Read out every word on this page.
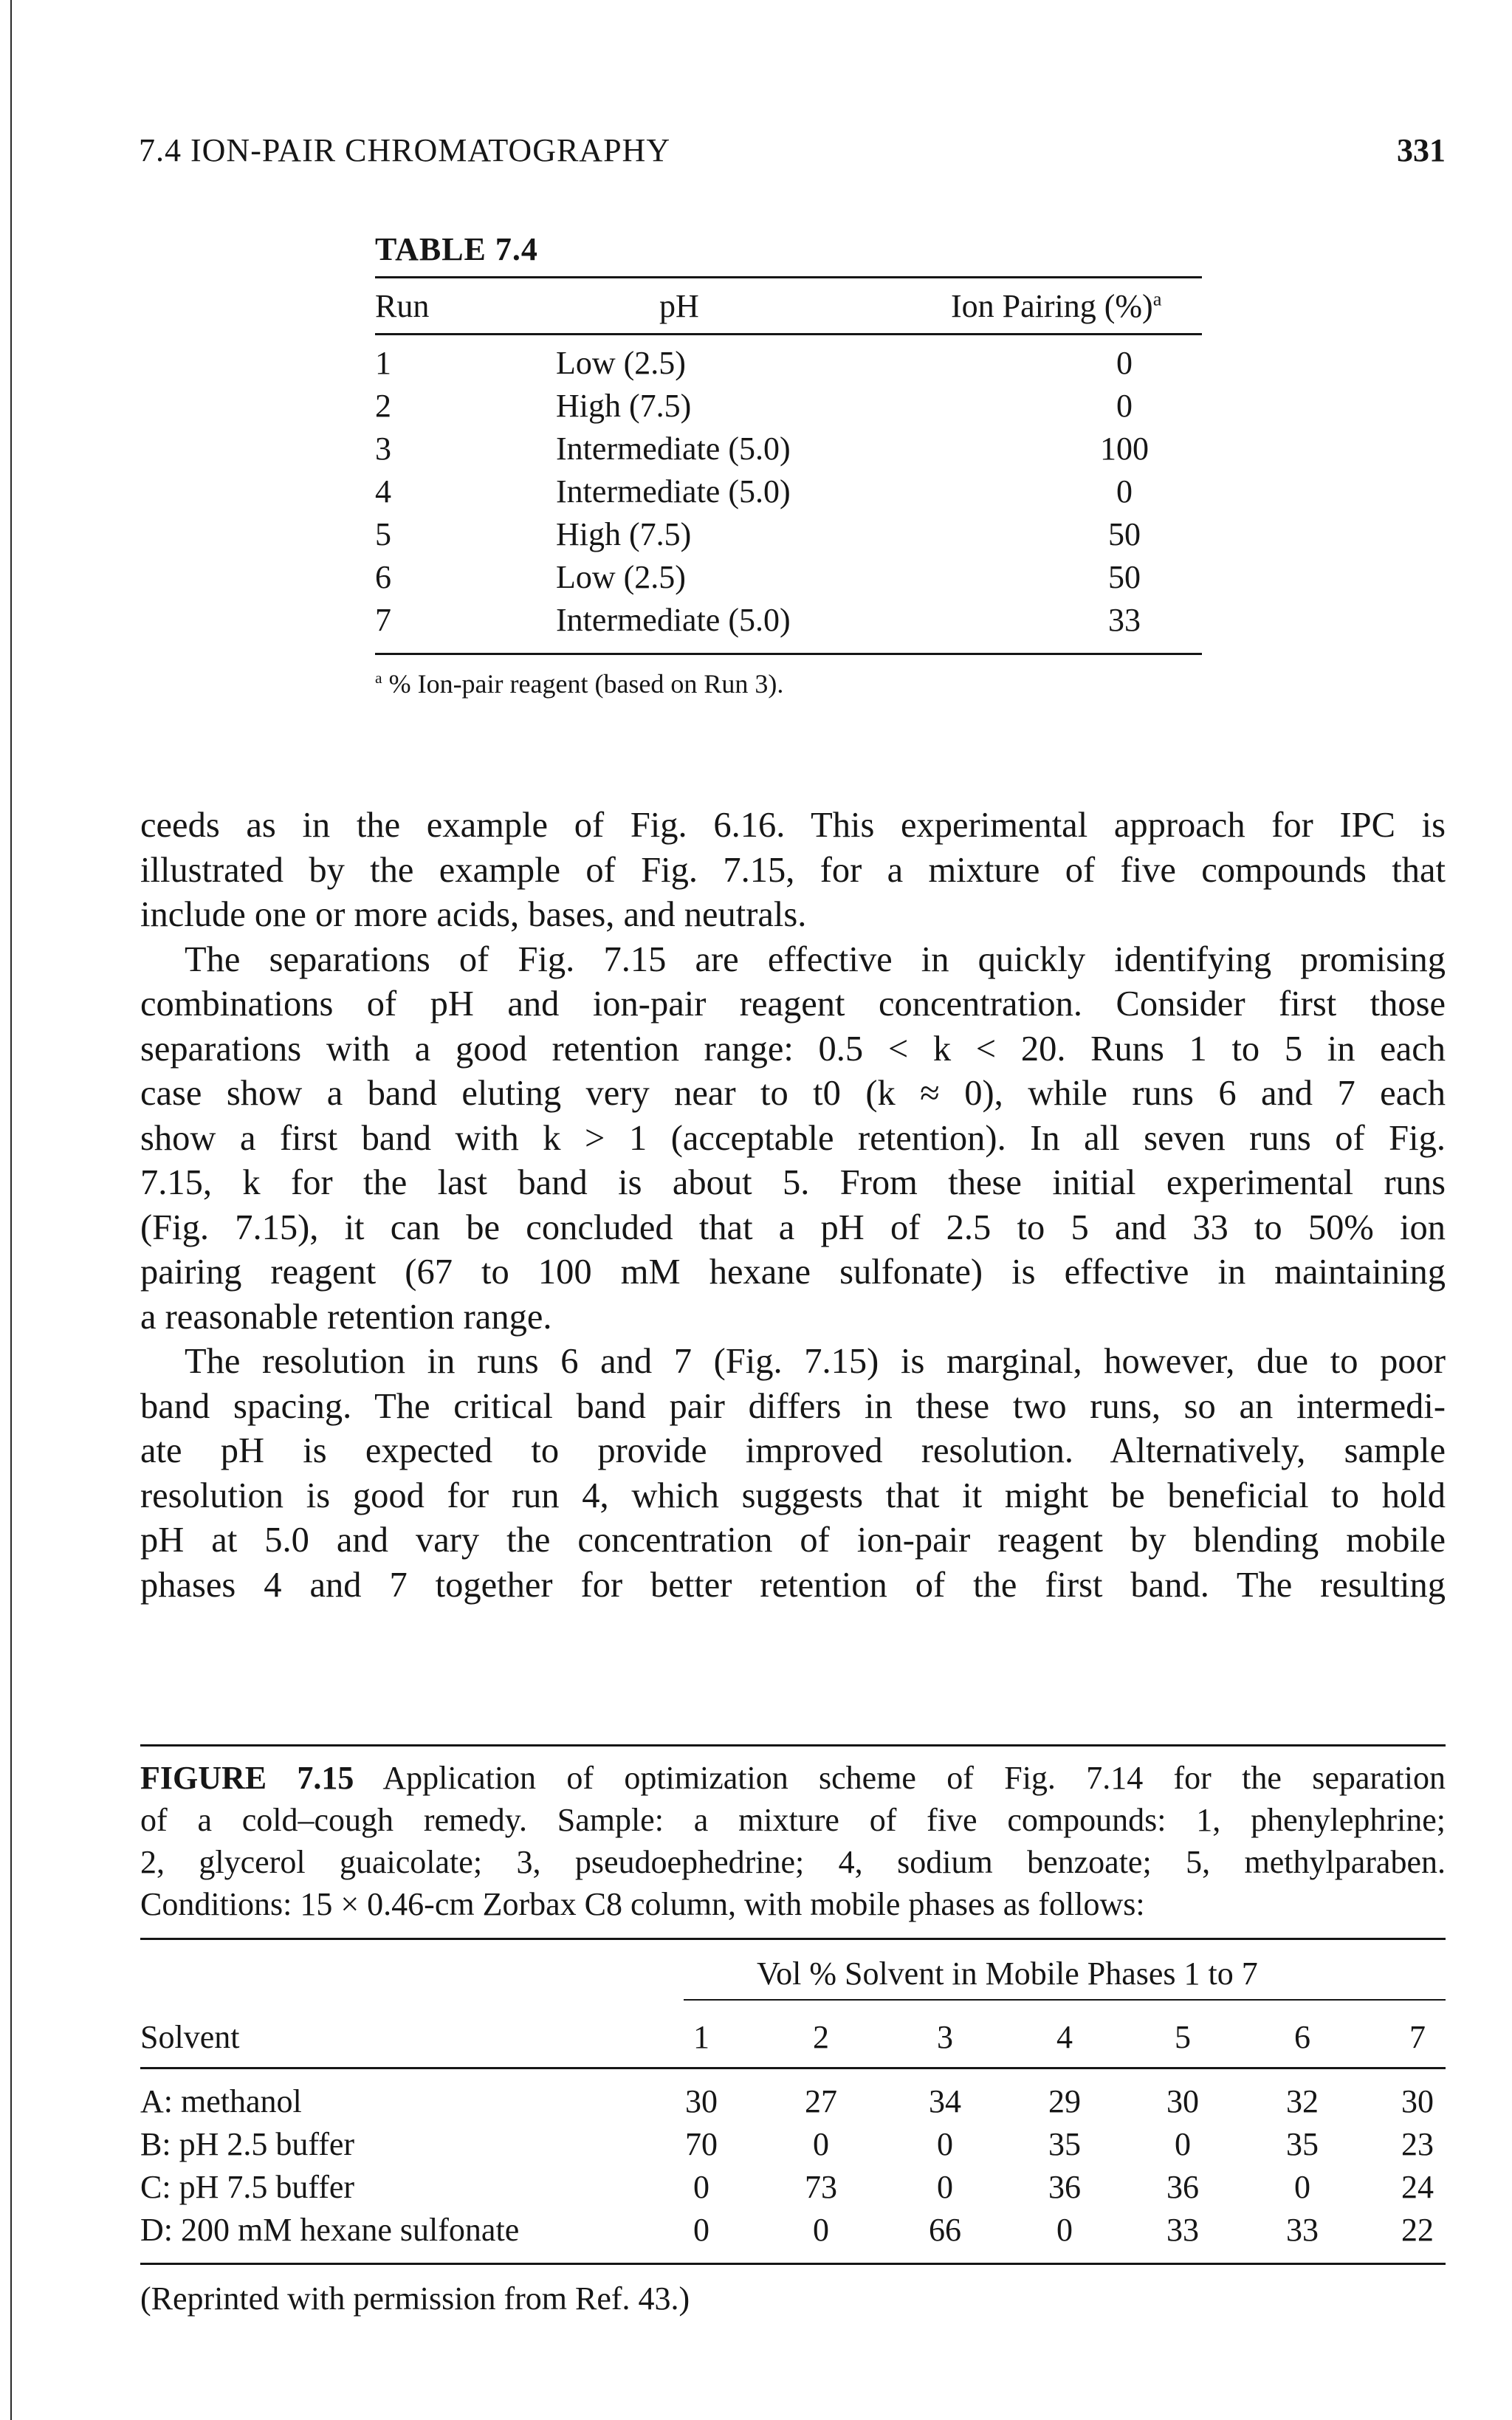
7.4 ION-PAIR CHROMATOGRAPHY	331
TABLE 7.4
Run	pH	Ion Pairing (%)$^a$
1	Low (2.5)	0
2	High (7.5)	0
3	Intermediate (5.0)	100
4	Intermediate (5.0)	0
5	High (7.5)	50
6	Low (2.5)	50
7	Intermediate (5.0)	33
$^a$ % Ion-pair reagent (based on Run 3).

ceeds as in the example of Fig. 6.16. This experimental approach for IPC is
illustrated by the example of Fig. 7.15, for a mixture of five compounds that
include one or more acids, bases, and neutrals.

The separations of Fig. 7.15 are effective in quickly identifying promising
combinations of pH and ion-pair reagent concentration. Consider first those
separations with a good retention range: 0.5 < k < 20. Runs 1 to 5 in each
case show a band eluting very near to t0 (k ≈ 0), while runs 6 and 7 each
show a first band with k > 1 (acceptable retention). In all seven runs of Fig.
7.15, k for the last band is about 5. From these initial experimental runs
(Fig. 7.15), it can be concluded that a pH of 2.5 to 5 and 33 to 50% ion
pairing reagent (67 to 100 mM hexane sulfonate) is effective in maintaining
a reasonable retention range.

The resolution in runs 6 and 7 (Fig. 7.15) is marginal, however, due to poor
band spacing. The critical band pair differs in these two runs, so an intermedi-
ate pH is expected to provide improved resolution. Alternatively, sample
resolution is good for run 4, which suggests that it might be beneficial to hold
pH at 5.0 and vary the concentration of ion-pair reagent by blending mobile
phases 4 and 7 together for better retention of the first band. The resulting

FIGURE 7.15 Application of optimization scheme of Fig. 7.14 for the separation
of a cold–cough remedy. Sample: a mixture of five compounds: 1, phenylephrine;
2, glycerol guaicolate; 3, pseudoephedrine; 4, sodium benzoate; 5, methylparaben.
Conditions: 15 × 0.46-cm Zorbax C8 column, with mobile phases as follows:
Vol % Solvent in Mobile Phases 1 to 7
Solvent	1	2	3	4	5	6	7
A: methanol	30	27	34	29	30	32	30
B: pH 2.5 buffer	70	0	0	35	0	35	23
C: pH 7.5 buffer	0	73	0	36	36	0	24
D: 200 mM hexane sulfonate	0	0	66	0	33	33	22
(Reprinted with permission from Ref. 43.)
